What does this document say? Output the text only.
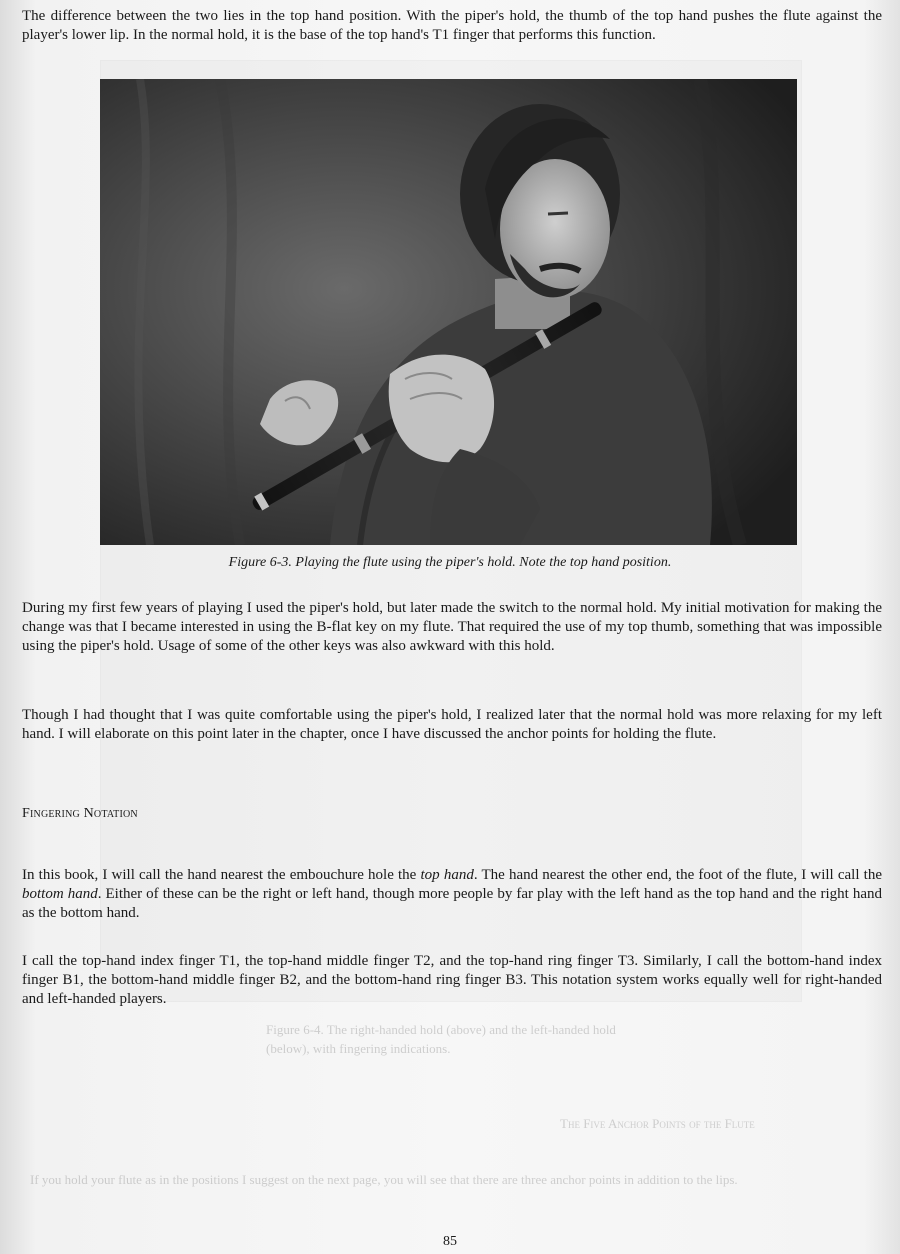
The difference between the two lies in the top hand position. With the piper's hold, the thumb of the top hand pushes the flute against the player's lower lip. In the normal hold, it is the base of the top hand's T1 finger that performs this function.

Figure 6-3. Playing the flute using the piper's hold. Note the top hand position.

During my first few years of playing I used the piper's hold, but later made the switch to the normal hold. My initial motivation for making the change was that I became interested in using the B-flat key on my flute. That required the use of my top thumb, something that was impossible using the piper's hold. Usage of some of the other keys was also awkward with this hold.

Though I had thought that I was quite comfortable using the piper's hold, I realized later that the normal hold was more relaxing for my left hand. I will elaborate on this point later in the chapter, once I have discussed the anchor points for holding the flute.

Fingering Notation

In this book, I will call the hand nearest the embouchure hole the top hand. The hand nearest the other end, the foot of the flute, I will call the bottom hand. Either of these can be the right or left hand, though more people by far play with the left hand as the top hand and the right hand as the bottom hand.

I call the top-hand index finger T1, the top-hand middle finger T2, and the top-hand ring finger T3. Similarly, I call the bottom-hand index finger B1, the bottom-hand middle finger B2, and the bottom-hand ring finger B3. This notation system works equally well for right-handed and left-handed players.

Figure 6-4. The right-handed hold (above) and the left-handed hold (below), with fingering indications.

The Five Anchor Points of the Flute

If you hold your flute as in the positions I suggest on the next page, you will see that there are three anchor points in addition to the lips.

85
